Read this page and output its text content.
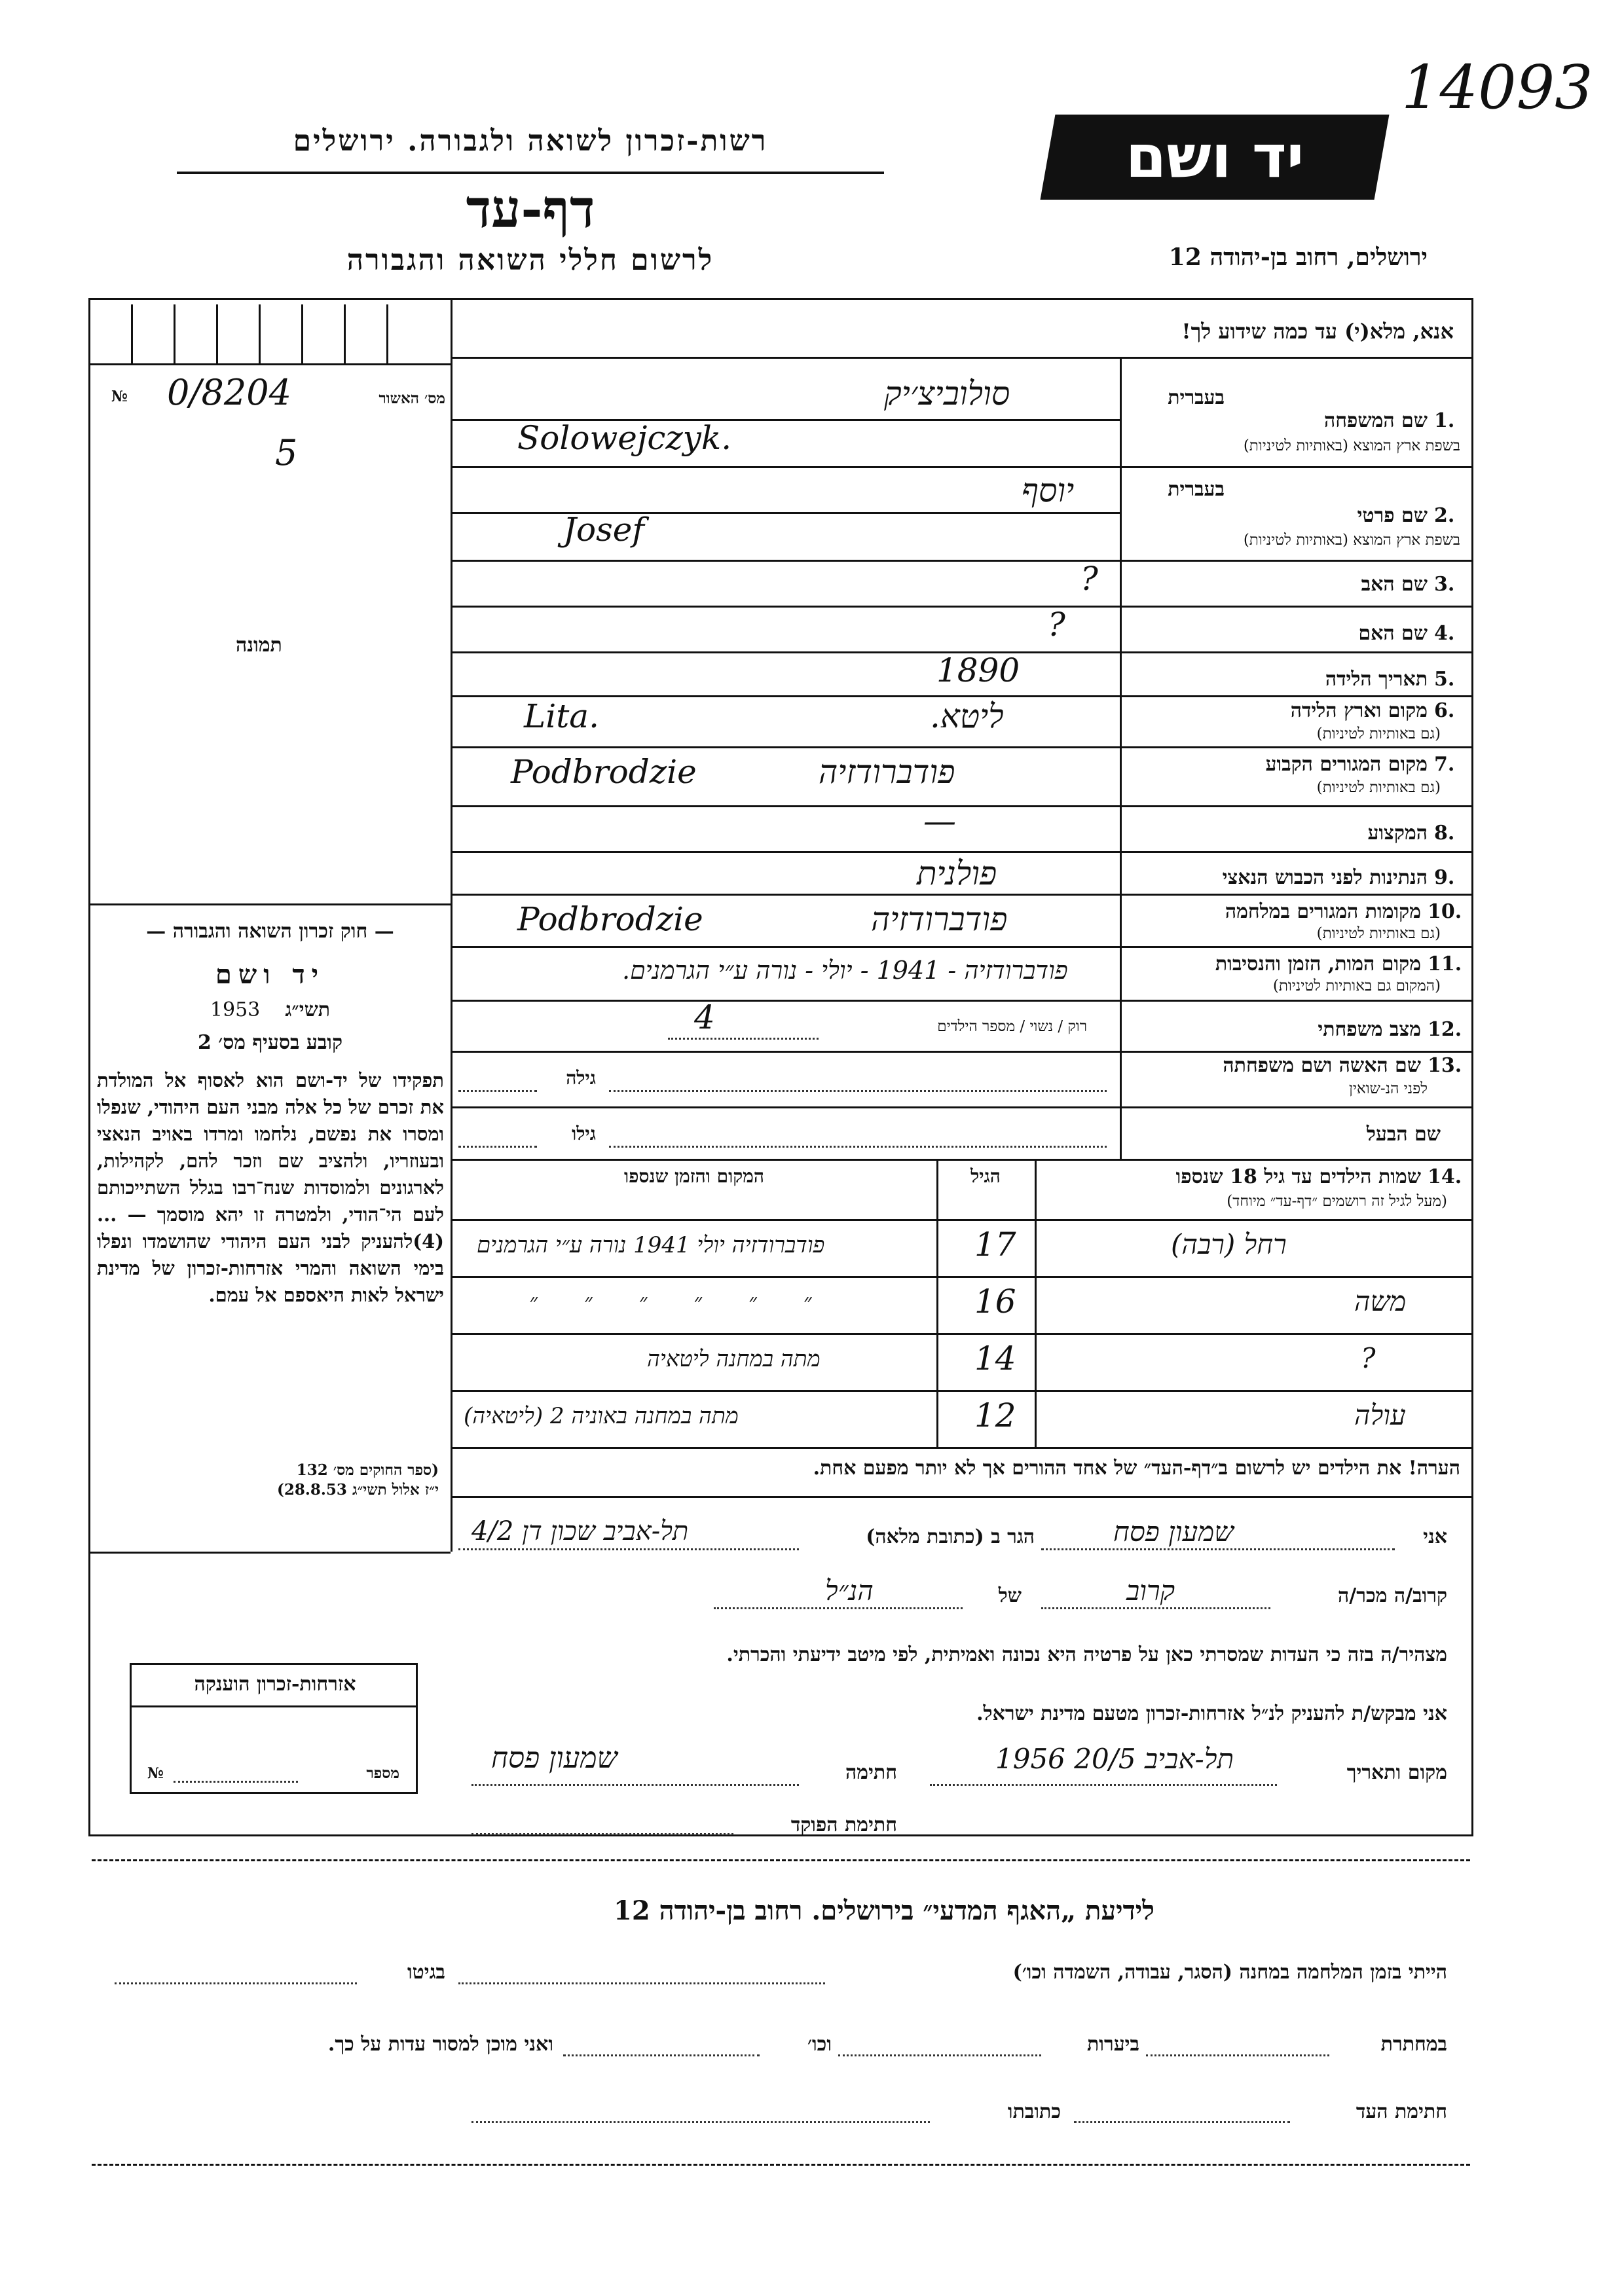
14093
יד ושם
רשות-זכרון לשואה ולגבורה. ירושלים
דף-עד
לרשום חללי השואה והגבורה	ירושלים, רחוב בן-יהודה 12
אנא, מלא(י) עד כמה שידוע לך!
מס׳ האשור
№ 0/8204
5
תמונה
סולוביצ׳יק
Solowejczyk.
בעברית
1.
שם המשפחה
בשפת ארץ המוצא (באותיות לטיניות)
יוסף
Josef
בעברית
2.
שם פרטי
בשפת ארץ המוצא (באותיות לטיניות)
?	3.
שם האב
?	4.
שם האם
1890	5.
תאריך הלידה
Lita.	ליטא.	6.
מקום וארץ הלידה
(גם באותיות לטיניות)
Podbrodzie	פודברודזיה	7.
מקום המגורים הקבוע
(גם באותיות לטיניות)
—	8.
המקצוע
פולנית	9.
הנתינות לפני הכבוש הנאצי
Podbrodzie	פודברודזיה	10.
מקומות המגורים במלחמה
(גם באותיות לטיניות)
פודברודזיה - 1941 - יולי - נורה ע״י הגרמנים.	11.
מקום המות, הזמן והנסיבות
(המקום גם באותיות לטיניות)
רוק / נשוי / מספר הילדים
4	12.
מצב משפחתי
גילה
13.
שם האשה ושם משפחתה
לפני הנ-שואין
גילו	שם הבעל
14.
שמות הילדים עד גיל 18 שנספו
(מעל לגיל זה רושמים ״דף-עד״ מיוחד)
הגיל
המקום והזמן שנספו
פודברודזיה יולי 1941 נורה ע״י הגרמנים	17	רחל (רבה)
״ ״ ״ ״ ״ ״	16	משה
מתה במחנה ליטאיה	14	?
מתה במחנה באוניה 2 (ליטאיה)	12	עולה
הערה! את הילדים יש לרשום ב״דף-העד״ של אחד ההורים אך לא יותר מפעם אחת.
— חוק זכרון השואה והגבורה —
יד ושם
1953 תשי״ג
קובע בסעיף מס׳ 2
תפקידו של יד-ושם הוא לאסוף אל המולדת את זכרם של כל אלה מבני העם היהודי, שנפלו ומסרו את נפשם, נלחמו ומרדו באויב הנאצי ובעוזריו, ולהציב שם וזכר להם, לקהילות, לארגונים ולמוסדות שנח־רבו בגלל השתייכותם לעם הי־הודי, ולמטרה זו יהא מוסמך — ...(4)להעניק לבני העם היהודי שהושמדו ונפלו בימי השואה והמרי אזרחות-זכרון של מדינת ישראל לאות היאספם אל עמם.
(ספר החוקים מס׳ 132
י״ז אלול תשי״ג 28.8.53)
אני
שמעון פסח
הגר ב (כתובת מלאה)
תל-אביב שכון דן 4/2
קרוב/ה מכר/ה
קרוב
של
הנ״ל
מצהיר/ה בזה כי העדות שמסרתי כאן על פרטיה היא נכונה ואמיתית, לפי מיטב ידיעתי והכרתי.
אני מבקש/ת להעניק לנ״ל אזרחות-זכרון מטעם מדינת ישראל.
מקום ותאריך
תל-אביב 20/5 1956
חתימה
שמעון פסח
חתימת הפוקד
אזרחות-זכרון הוענקה
מספר
№
לידיעת „האגף המדעי״ בירושלים. רחוב בן-יהודה 12
הייתי בזמן המלחמה במחנה (הסגר, עבודה, השמדה וכו׳)
בגיטו
במחתרת
ביערות
וכו׳
ואני מוכן למסור עדות על כך.
חתימת העד
כתובתו
